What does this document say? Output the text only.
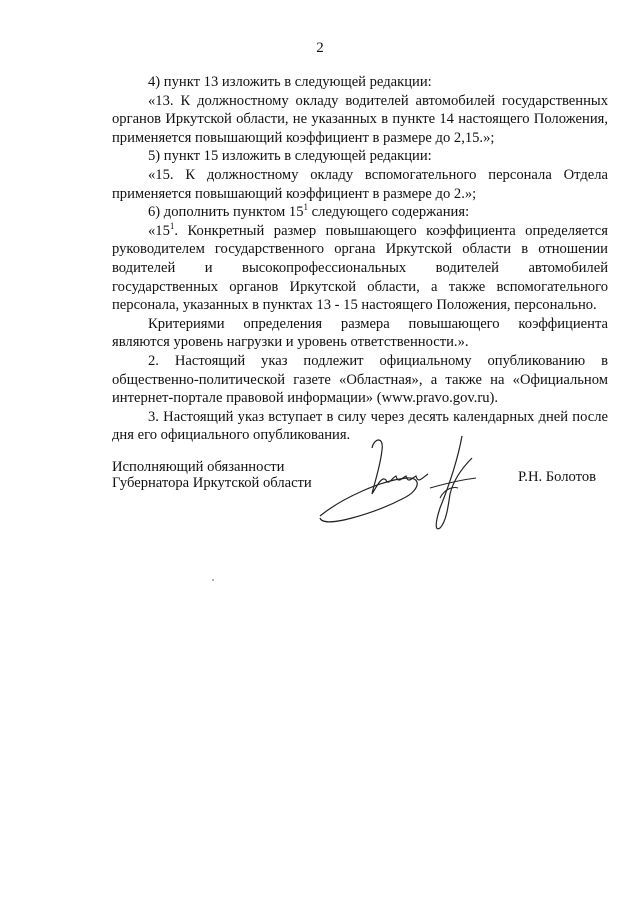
2

4) пункт 13 изложить в следующей редакции:

«13. К должностному окладу водителей автомобилей государственных органов Иркутской области, не указанных в пункте 14 настоящего Положения, применяется повышающий коэффициент в размере до 2,15.»;

5) пункт 15 изложить в следующей редакции:

«15. К должностному окладу вспомогательного персонала Отдела применяется повышающий коэффициент в размере до 2.»;

6) дополнить пунктом $15^1$ следующего содержания:

«$15^1$. Конкретный размер повышающего коэффициента определяется руководителем государственного органа Иркутской области в отношении водителей и высокопрофессиональных водителей автомобилей государственных органов Иркутской области, а также вспомогательного персонала, указанных в пунктах 13 - 15 настоящего Положения, персонально.

Критериями определения размера повышающего коэффициента являются уровень нагрузки и уровень ответственности.».

2. Настоящий указ подлежит официальному опубликованию в общественно-политической газете «Областная», а также на «Официальном интернет-портале правовой информации» (www.pravo.gov.ru).

3. Настоящий указ вступает в силу через десять календарных дней после дня его официального опубликования.

Исполняющий обязанности
Губернатора Иркутской области	Р.Н. Болотов
